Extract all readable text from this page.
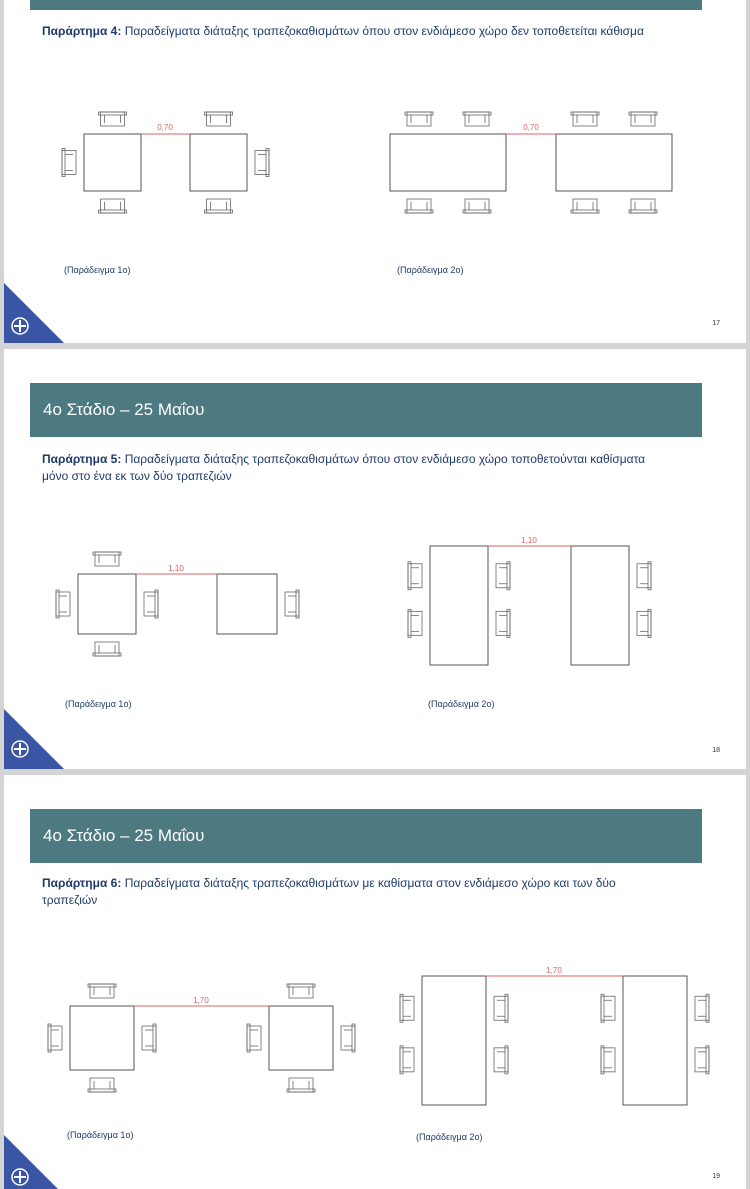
Παράρτημα 4: Παραδείγματα διάταξης τραπεζοκαθισμάτων όπου στον ενδιάμεσο χώρο δεν τοποθετείται κάθισμα
0,70
(Παράδειγμα 1ο)
0,70
(Παράδειγμα 2ο)
17
4ο Στάδιο – 25 Μαΐου
Παράρτημα 5: Παραδείγματα διάταξης τραπεζοκαθισμάτων όπου στον ενδιάμεσο χώρο τοποθετούνται καθίσματα μόνο στο ένα εκ των δύο τραπεζιών
1,10
(Παράδειγμα 1ο)
1,10
(Παράδειγμα 2ο)
18
4ο Στάδιο – 25 Μαΐου
Παράρτημα 6: Παραδείγματα διάταξης τραπεζοκαθισμάτων με καθίσματα στον ενδιάμεσο χώρο και των δύο τραπεζιών
1,70
(Παράδειγμα 1ο)
1,70
(Παράδειγμα 2ο)
19
